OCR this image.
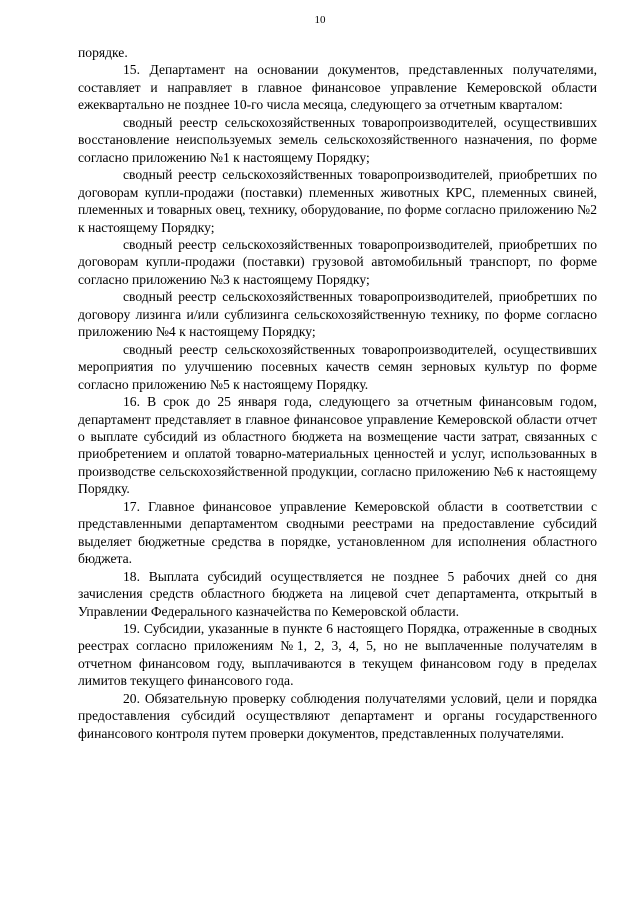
10

порядке.

15. Департамент на основании документов, представленных получателями, составляет и направляет в главное финансовое управление Кемеровской области ежеквартально не позднее 10-го числа месяца, следующего за отчетным кварталом:

сводный реестр сельскохозяйственных товаропроизводителей, осуществивших восстановление неиспользуемых земель сельскохозяйственного назначения, по форме согласно приложению №1 к настоящему Порядку;

сводный реестр сельскохозяйственных товаропроизводителей, приобретших по договорам купли-продажи (поставки) племенных животных КРС, племенных свиней, племенных и товарных овец, технику, оборудование, по форме согласно приложению №2 к настоящему Порядку;

сводный реестр сельскохозяйственных товаропроизводителей, приобретших по договорам купли-продажи (поставки) грузовой автомобильный транспорт, по форме согласно приложению №3 к настоящему Порядку;

сводный реестр сельскохозяйственных товаропроизводителей, приобретших по договору лизинга и/или сублизинга сельскохозяйственную технику, по форме согласно приложению №4 к настоящему Порядку;

сводный реестр сельскохозяйственных товаропроизводителей, осуществивших мероприятия по улучшению посевных качеств семян зерновых культур по форме согласно приложению №5 к настоящему Порядку.

16. В срок до 25 января года, следующего за отчетным финансовым годом, департамент представляет в главное финансовое управление Кемеровской области отчет о выплате субсидий из областного бюджета на возмещение части затрат, связанных с приобретением и оплатой товарно-материальных ценностей и услуг, использованных в производстве сельскохозяйственной продукции, согласно приложению №6 к настоящему Порядку.

17. Главное финансовое управление Кемеровской области в соответствии с представленными департаментом сводными реестрами на предоставление субсидий выделяет бюджетные средства в порядке, установленном для исполнения областного бюджета.

18. Выплата субсидий осуществляется не позднее 5 рабочих дней со дня зачисления средств областного бюджета на лицевой счет департамента, открытый в Управлении Федерального казначейства по Кемеровской области.

19. Субсидии, указанные в пункте 6 настоящего Порядка, отраженные в сводных реестрах согласно приложениям №1, 2, 3, 4, 5, но не выплаченные получателям в отчетном финансовом году, выплачиваются в текущем финансовом году в пределах лимитов текущего финансового года.

20. Обязательную проверку соблюдения получателями условий, цели и порядка предоставления субсидий осуществляют департамент и органы государственного финансового контроля путем проверки документов, представленных получателями.
